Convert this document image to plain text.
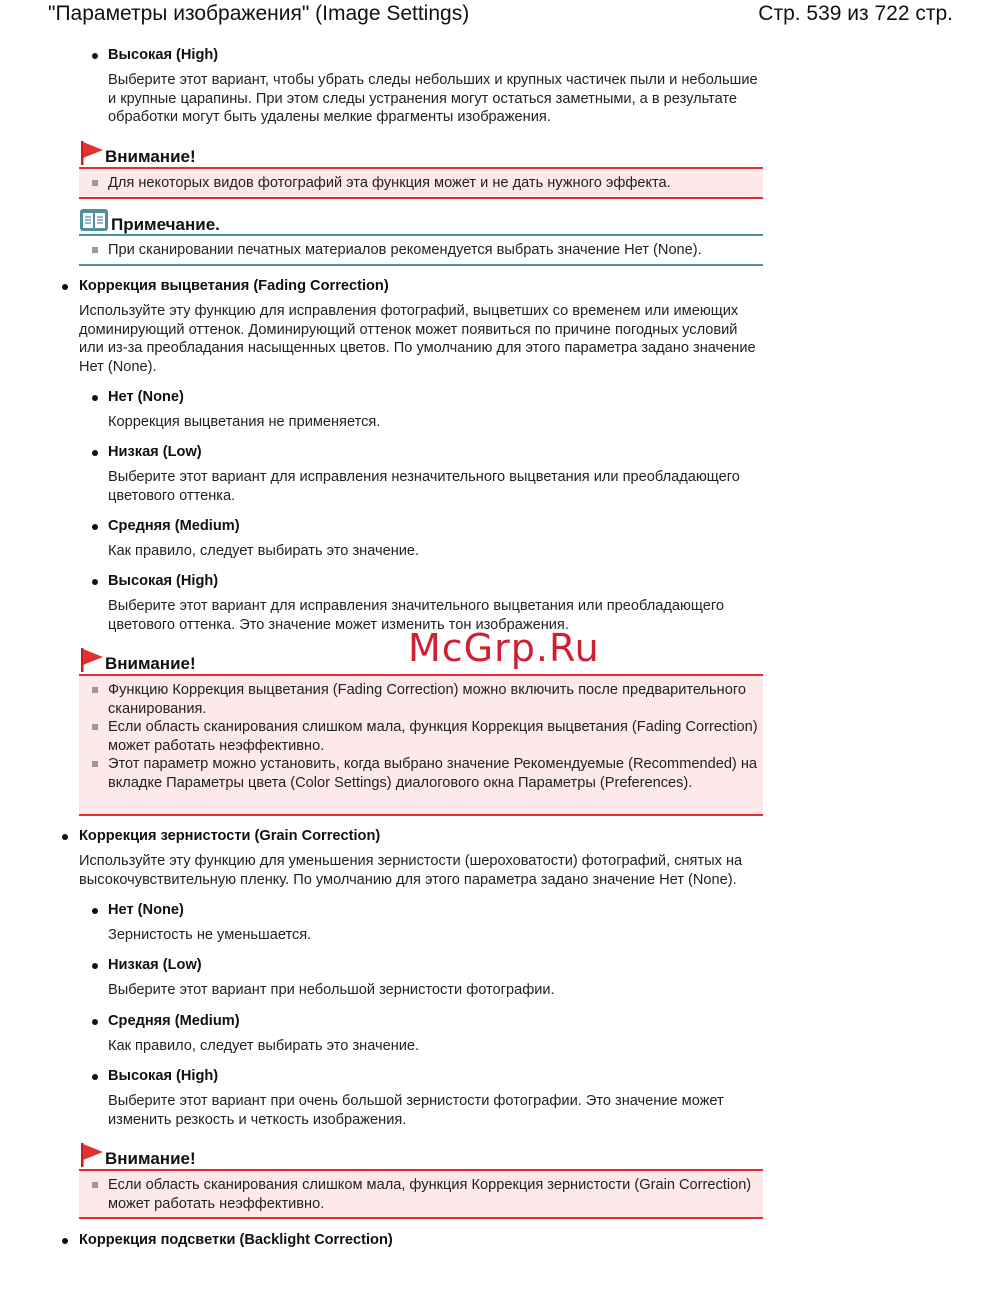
"Параметры изображения" (Image Settings)	Стр. 539 из 722 стр.
Высокая (High)
Выберите этот вариант, чтобы убрать следы небольших и крупных частичек пыли и небольшие и крупные царапины. При этом следы устранения могут остаться заметными, а в результате обработки могут быть удалены мелкие фрагменты изображения.
Внимание!
Для некоторых видов фотографий эта функция может и не дать нужного эффекта.
Примечание.
При сканировании печатных материалов рекомендуется выбрать значение Нет (None).
Коррекция выцветания (Fading Correction)
Используйте эту функцию для исправления фотографий, выцветших со временем или имеющих доминирующий оттенок. Доминирующий оттенок может появиться по причине погодных условий или из-за преобладания насыщенных цветов. По умолчанию для этого параметра задано значение Нет (None).
Нет (None)
Коррекция выцветания не применяется.
Низкая (Low)
Выберите этот вариант для исправления незначительного выцветания или преобладающего цветового оттенка.
Средняя (Medium)
Как правило, следует выбирать это значение.
Высокая (High)
Выберите этот вариант для исправления значительного выцветания или преобладающего цветового оттенка. Это значение может изменить тон изображения.
Внимание!
Функцию Коррекция выцветания (Fading Correction) можно включить после предварительного сканирования.
Если область сканирования слишком мала, функция Коррекция выцветания (Fading Correction) может работать неэффективно.
Этот параметр можно установить, когда выбрано значение Рекомендуемые (Recommended) на вкладке Параметры цвета (Color Settings) диалогового окна Параметры (Preferences).
Коррекция зернистости (Grain Correction)
Используйте эту функцию для уменьшения зернистости (шероховатости) фотографий, снятых на высокочувствительную пленку. По умолчанию для этого параметра задано значение Нет (None).
Нет (None)
Зернистость не уменьшается.
Низкая (Low)
Выберите этот вариант при небольшой зернистости фотографии.
Средняя (Medium)
Как правило, следует выбирать это значение.
Высокая (High)
Выберите этот вариант при очень большой зернистости фотографии. Это значение может изменить резкость и четкость изображения.
Внимание!
Если область сканирования слишком мала, функция Коррекция зернистости (Grain Correction) может работать неэффективно.
Коррекция подсветки (Backlight Correction)
McGrp.Ru
